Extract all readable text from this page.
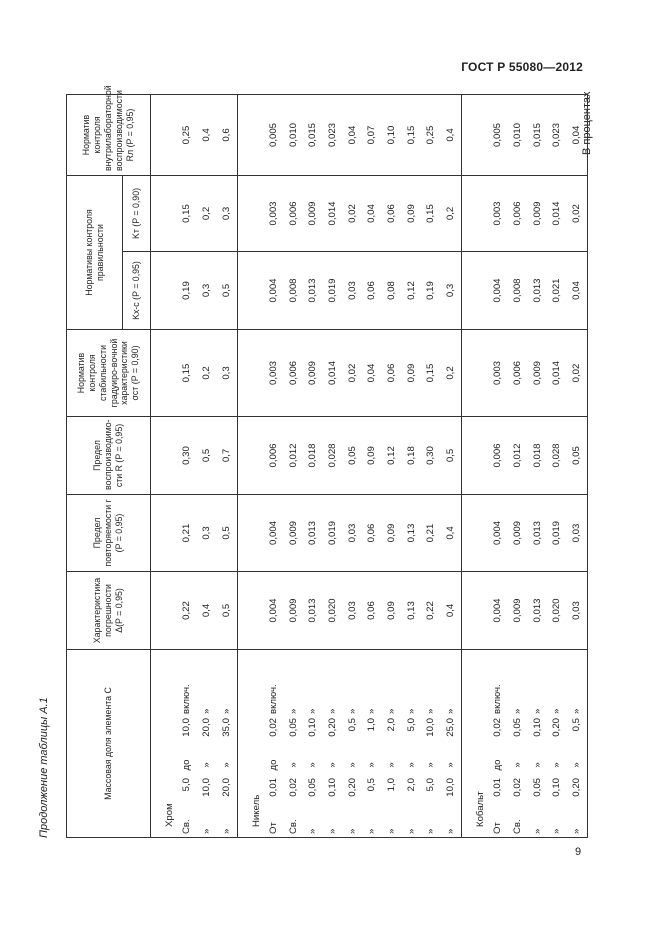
ГОСТ Р 55080—2012
Продолжение таблицы А.1
В процентах
9
Массовая доля элемента C	Характеристика погрешности Δ(P = 0,95)	Предел повторяемости r (P = 0,95)	Предел воспроизводимо-сти R (P = 0,95)	Норматив контроля стабильности градуиро-вочной характеристики σст (P = 0,90)	Нормативы контроля правильности		Норматив контроля внутрилабораторной воспроизводимости Rл (P = 0,95)
					Kx-c (P = 0,95)	Kт (P = 0,90)	
Хром							
Св.5,0до10,0включ.	0,22	0,21	0,30	0,15	0,19	0,15	0,25
»10,0»20,0»	0,4	0,3	0,5	0,2	0,3	0,2	0,4
»20,0»35,0»	0,5	0,5	0,7	0,3	0,5	0,3	0,6
Никель							
От0,01до0,02включ.	0,004	0,004	0,006	0,003	0,004	0,003	0,005
Св.0,02»0,05»	0,009	0,009	0,012	0,006	0,008	0,006	0,010
»0,05»0,10»	0,013	0,013	0,018	0,009	0,013	0,009	0,015
»0,10»0,20»	0,020	0,019	0,028	0,014	0,019	0,014	0,023
»0,20»0,5»	0,03	0,03	0,05	0,02	0,03	0,02	0,04
»0,5»1,0»	0,06	0,06	0,09	0,04	0,06	0,04	0,07
»1,0»2,0»	0,09	0,09	0,12	0,06	0,08	0,06	0,10
»2,0»5,0»	0,13	0,13	0,18	0,09	0,12	0,09	0,15
»5,0»10,0»	0,22	0,21	0,30	0,15	0,19	0,15	0,25
»10,0»25,0»	0,4	0,4	0,5	0,2	0,3	0,2	0,4
Кобальт							
От0,01до0,02включ.	0,004	0,004	0,006	0,003	0,004	0,003	0,005
Св.0,02»0,05»	0,009	0,009	0,012	0,006	0,008	0,006	0,010
»0,05»0,10»	0,013	0,013	0,018	0,009	0,013	0,009	0,015
»0,10»0,20»	0,020	0,019	0,028	0,014	0,021	0,014	0,023
»0,20»0,5»	0,03	0,03	0,05	0,02	0,04	0,02	0,04
